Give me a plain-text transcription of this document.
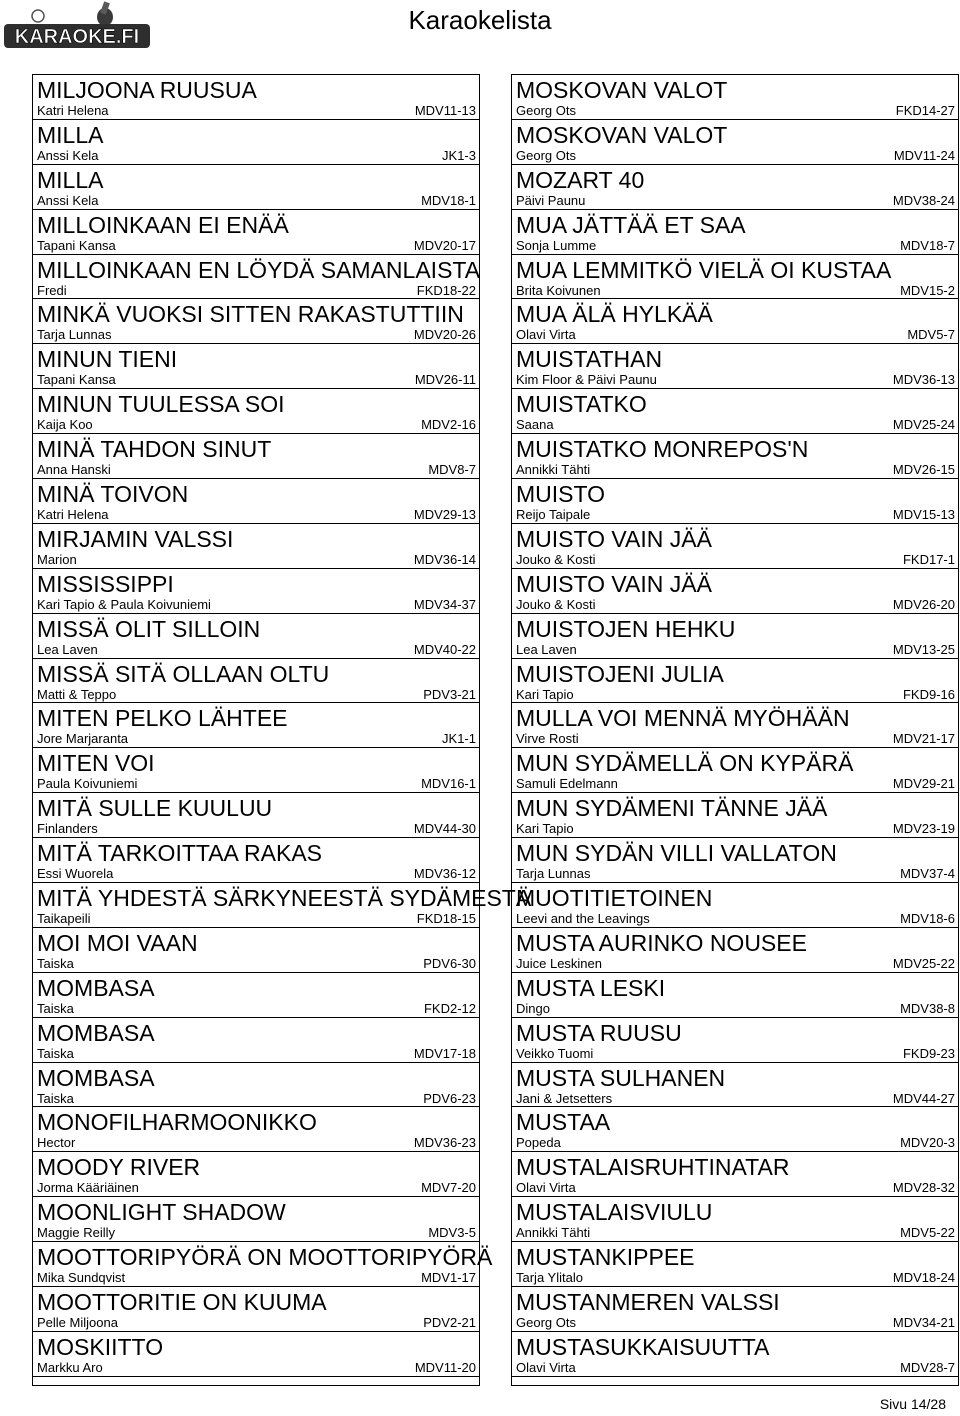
KARAOKE.FI
Karaokelista
MILJOONA RUUSUA
Katri Helena	MDV11-13
MILLA
Anssi Kela	JK1-3
MILLA
Anssi Kela	MDV18-1
MILLOINKAAN EI ENÄÄ
Tapani Kansa	MDV20-17
MILLOINKAAN EN LÖYDÄ SAMANLAISTA
Fredi	FKD18-22
MINKÄ VUOKSI SITTEN RAKASTUTTIIN
Tarja Lunnas	MDV20-26
MINUN TIENI
Tapani Kansa	MDV26-11
MINUN TUULESSA SOI
Kaija Koo	MDV2-16
MINÄ TAHDON SINUT
Anna Hanski	MDV8-7
MINÄ TOIVON
Katri Helena	MDV29-13
MIRJAMIN VALSSI
Marion	MDV36-14
MISSISSIPPI
Kari Tapio & Paula Koivuniemi	MDV34-37
MISSÄ OLIT SILLOIN
Lea Laven	MDV40-22
MISSÄ SITÄ OLLAAN OLTU
Matti & Teppo	PDV3-21
MITEN PELKO LÄHTEE
Jore Marjaranta	JK1-1
MITEN VOI
Paula Koivuniemi	MDV16-1
MITÄ SULLE KUULUU
Finlanders	MDV44-30
MITÄ TARKOITTAA RAKAS
Essi Wuorela	MDV36-12
MITÄ YHDESTÄ SÄRKYNEESTÄ SYDÄMESTÄ
Taikapeili	FKD18-15
MOI MOI VAAN
Taiska	PDV6-30
MOMBASA
Taiska	FKD2-12
MOMBASA
Taiska	MDV17-18
MOMBASA
Taiska	PDV6-23
MONOFILHARMOONIKKO
Hector	MDV36-23
MOODY RIVER
Jorma Kääriäinen	MDV7-20
MOONLIGHT SHADOW
Maggie Reilly	MDV3-5
MOOTTORIPYÖRÄ ON MOOTTORIPYÖRÄ
Mika Sundqvist	MDV1-17
MOOTTORITIE ON KUUMA
Pelle Miljoona	PDV2-21
MOSKIITTO
Markku Aro	MDV11-20
MOSKOVAN VALOT
Georg Ots	FKD14-27
MOSKOVAN VALOT
Georg Ots	MDV11-24
MOZART 40
Päivi Paunu	MDV38-24
MUA JÄTTÄÄ ET SAA
Sonja Lumme	MDV18-7
MUA LEMMITKÖ VIELÄ OI KUSTAA
Brita Koivunen	MDV15-2
MUA ÄLÄ HYLKÄÄ
Olavi Virta	MDV5-7
MUISTATHAN
Kim Floor & Päivi Paunu	MDV36-13
MUISTATKO
Saana	MDV25-24
MUISTATKO MONREPOS'N
Annikki Tähti	MDV26-15
MUISTO
Reijo Taipale	MDV15-13
MUISTO VAIN JÄÄ
Jouko & Kosti	FKD17-1
MUISTO VAIN JÄÄ
Jouko & Kosti	MDV26-20
MUISTOJEN HEHKU
Lea Laven	MDV13-25
MUISTOJENI JULIA
Kari Tapio	FKD9-16
MULLA VOI MENNÄ MYÖHÄÄN
Virve Rosti	MDV21-17
MUN SYDÄMELLÄ ON KYPÄRÄ
Samuli Edelmann	MDV29-21
MUN SYDÄMENI TÄNNE JÄÄ
Kari Tapio	MDV23-19
MUN SYDÄN VILLI VALLATON
Tarja Lunnas	MDV37-4
MUOTITIETOINEN
Leevi and the Leavings	MDV18-6
MUSTA AURINKO NOUSEE
Juice Leskinen	MDV25-22
MUSTA LESKI
Dingo	MDV38-8
MUSTA RUUSU
Veikko Tuomi	FKD9-23
MUSTA SULHANEN
Jani & Jetsetters	MDV44-27
MUSTAA
Popeda	MDV20-3
MUSTALAISRUHTINATAR
Olavi Virta	MDV28-32
MUSTALAISVIULU
Annikki Tähti	MDV5-22
MUSTANKIPPEE
Tarja Ylitalo	MDV18-24
MUSTANMEREN VALSSI
Georg Ots	MDV34-21
MUSTASUKKAISUUTTA
Olavi Virta	MDV28-7
Sivu 14/28
